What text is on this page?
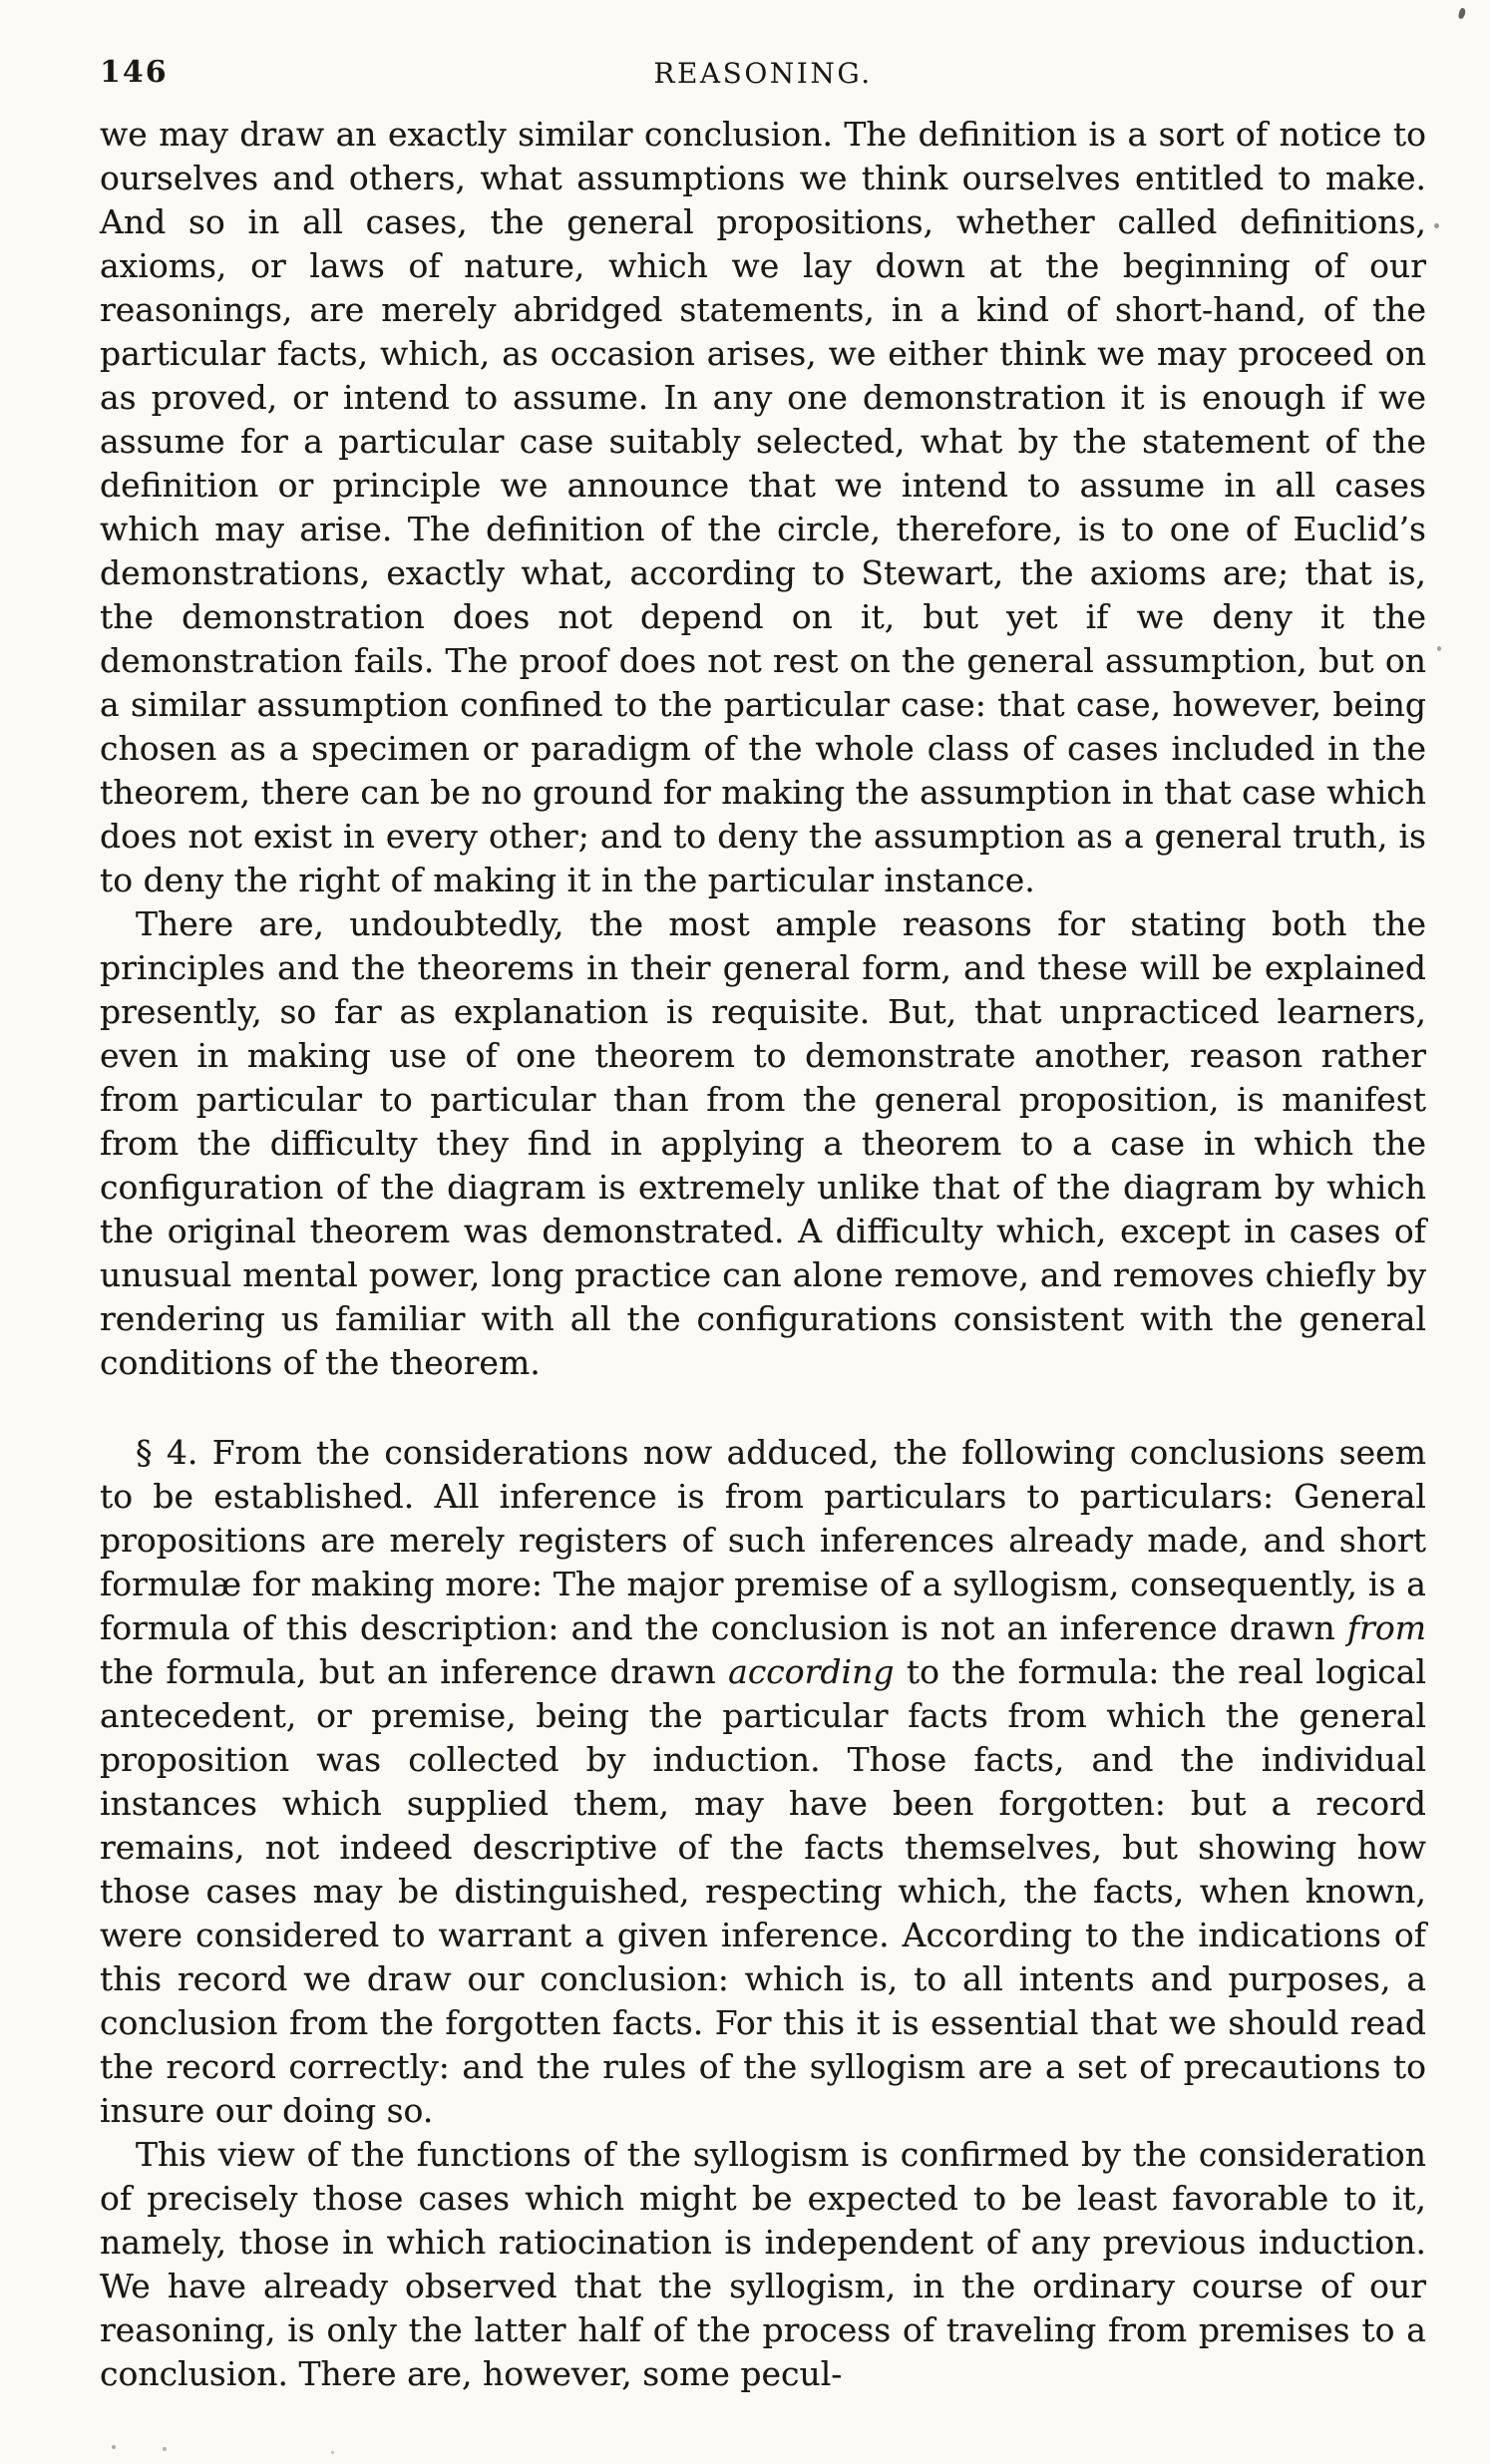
146	REASONING.

we may draw an exactly similar conclusion. The definition is a sort of notice to ourselves and others, what assumptions we think ourselves entitled to make. And so in all cases, the general propositions, whether called definitions, axioms, or laws of nature, which we lay down at the beginning of our reasonings, are merely abridged statements, in a kind of short-hand, of the particular facts, which, as occasion arises, we either think we may proceed on as proved, or intend to assume. In any one demonstration it is enough if we assume for a particular case suitably selected, what by the statement of the definition or principle we announce that we intend to assume in all cases which may arise. The definition of the circle, therefore, is to one of Euclid’s demonstrations, exactly what, according to Stewart, the axioms are; that is, the demonstration does not depend on it, but yet if we deny it the demonstration fails. The proof does not rest on the general assumption, but on a similar assumption confined to the particular case: that case, however, being chosen as a specimen or paradigm of the whole class of cases included in the theorem, there can be no ground for making the assumption in that case which does not exist in every other; and to deny the assumption as a general truth, is to deny the right of making it in the particular instance.

There are, undoubtedly, the most ample reasons for stating both the principles and the theorems in their general form, and these will be explained presently, so far as explanation is requisite. But, that unpracticed learners, even in making use of one theorem to demonstrate another, reason rather from particular to particular than from the general proposition, is manifest from the difficulty they find in applying a theorem to a case in which the configuration of the diagram is extremely unlike that of the diagram by which the original theorem was demonstrated. A difficulty which, except in cases of unusual mental power, long practice can alone remove, and removes chiefly by rendering us familiar with all the configurations consistent with the general conditions of the theorem.

§ 4. From the considerations now adduced, the following conclusions seem to be established. All inference is from particulars to particulars: General propositions are merely registers of such inferences already made, and short formulæ for making more: The major premise of a syllogism, consequently, is a formula of this description: and the conclusion is not an inference drawn from the formula, but an inference drawn according to the formula: the real logical antecedent, or premise, being the particular facts from which the general proposition was collected by induction. Those facts, and the individual instances which supplied them, may have been forgotten: but a record remains, not indeed descriptive of the facts themselves, but showing how those cases may be distinguished, respecting which, the facts, when known, were considered to warrant a given inference. According to the indications of this record we draw our conclusion: which is, to all intents and purposes, a conclusion from the forgotten facts. For this it is essential that we should read the record correctly: and the rules of the syllogism are a set of precautions to insure our doing so.

This view of the functions of the syllogism is confirmed by the consideration of precisely those cases which might be expected to be least favorable to it, namely, those in which ratiocination is independent of any previous induction. We have already observed that the syllogism, in the ordinary course of our reasoning, is only the latter half of the process of traveling from premises to a conclusion. There are, however, some pecul-
